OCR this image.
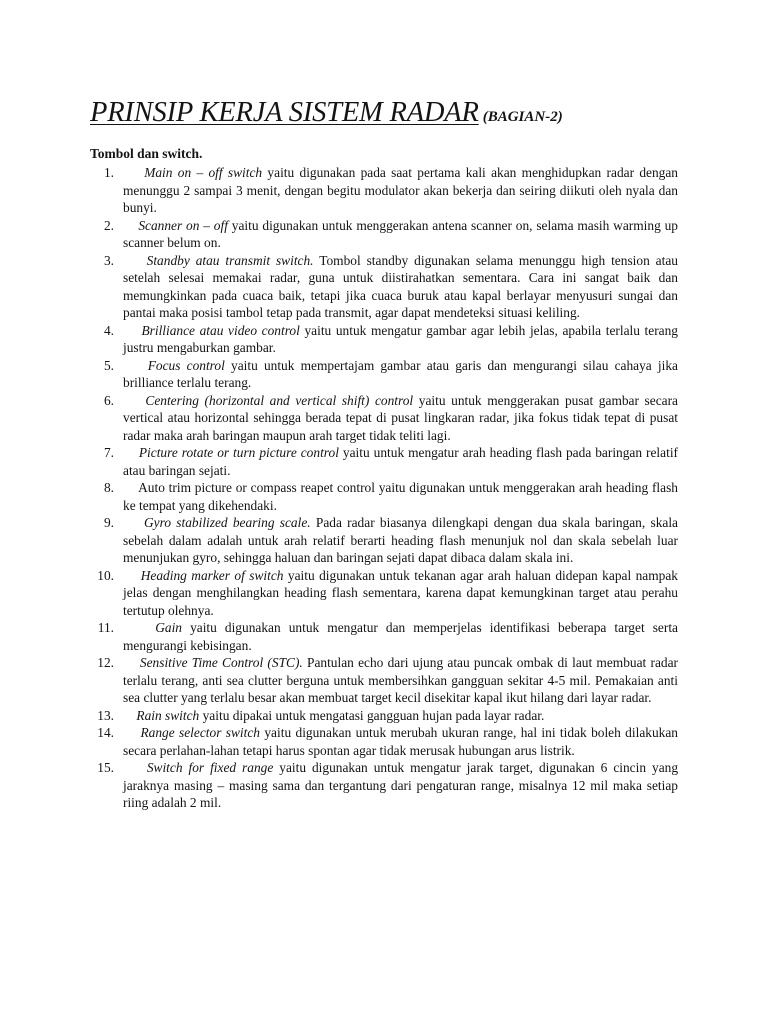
PRINSIP KERJA SISTEM RADAR (BAGIAN-2)
Tombol dan switch.
1. Main on – off switch yaitu digunakan pada saat pertama kali akan menghidupkan radar dengan menunggu 2 sampai 3 menit, dengan begitu modulator akan bekerja dan seiring diikuti oleh nyala dan bunyi.
2. Scanner on – off yaitu digunakan untuk menggerakan antena scanner on, selama masih warming up scanner belum on.
3. Standby atau transmit switch. Tombol standby digunakan selama menunggu high tension atau setelah selesai memakai radar, guna untuk diistirahatkan sementara. Cara ini sangat baik dan memungkinkan pada cuaca baik, tetapi jika cuaca buruk atau kapal berlayar menyusuri sungai dan pantai maka posisi tambol tetap pada transmit, agar dapat mendeteksi situasi keliling.
4. Brilliance atau video control yaitu untuk mengatur gambar agar lebih jelas, apabila terlalu terang justru mengaburkan gambar.
5.	Focus control yaitu untuk mempertajam gambar atau garis dan mengurangi silau cahaya jika brilliance terlalu terang.
6. Centering (horizontal and vertical shift) control yaitu untuk menggerakan pusat gambar secara vertical atau horizontal sehingga berada tepat di pusat lingkaran radar, jika fokus tidak tepat di pusat radar maka arah baringan maupun arah target tidak teliti lagi.
7. Picture rotate or turn picture control yaitu untuk mengatur arah heading flash pada baringan relatif atau baringan sejati.
8. Auto trim picture or compass reapet control yaitu digunakan untuk menggerakan arah heading flash ke tempat yang dikehendaki.
9. Gyro stabilized bearing scale. Pada radar biasanya dilengkapi dengan dua skala baringan, skala sebelah dalam adalah untuk arah relatif berarti heading flash menunjuk nol dan skala sebelah luar menunjukan gyro, sehingga haluan dan baringan sejati dapat dibaca dalam skala ini.
10. Heading marker of switch yaitu digunakan untuk tekanan agar arah haluan didepan kapal nampak jelas dengan menghilangkan heading flash sementara, karena dapat kemungkinan target atau perahu tertutup olehnya.
11.	Gain yaitu digunakan untuk mengatur dan memperjelas identifikasi beberapa target serta mengurangi kebisingan.
12. Sensitive Time Control (STC). Pantulan echo dari ujung atau puncak ombak di laut membuat radar terlalu terang, anti sea clutter berguna untuk membersihkan gangguan sekitar 4-5 mil. Pemakaian anti sea clutter yang terlalu besar akan membuat target kecil disekitar kapal ikut hilang dari layar radar.
13. Rain switch yaitu dipakai untuk mengatasi gangguan hujan pada layar radar.
14. Range selector switch yaitu digunakan untuk merubah ukuran range, hal ini tidak boleh dilakukan secara perlahan-lahan tetapi harus spontan agar tidak merusak hubungan arus listrik.
15. Switch for fixed range yaitu digunakan untuk mengatur jarak target, digunakan 6 cincin yang jaraknya masing – masing sama dan tergantung dari pengaturan range, misalnya 12 mil maka setiap riing adalah 2 mil.
